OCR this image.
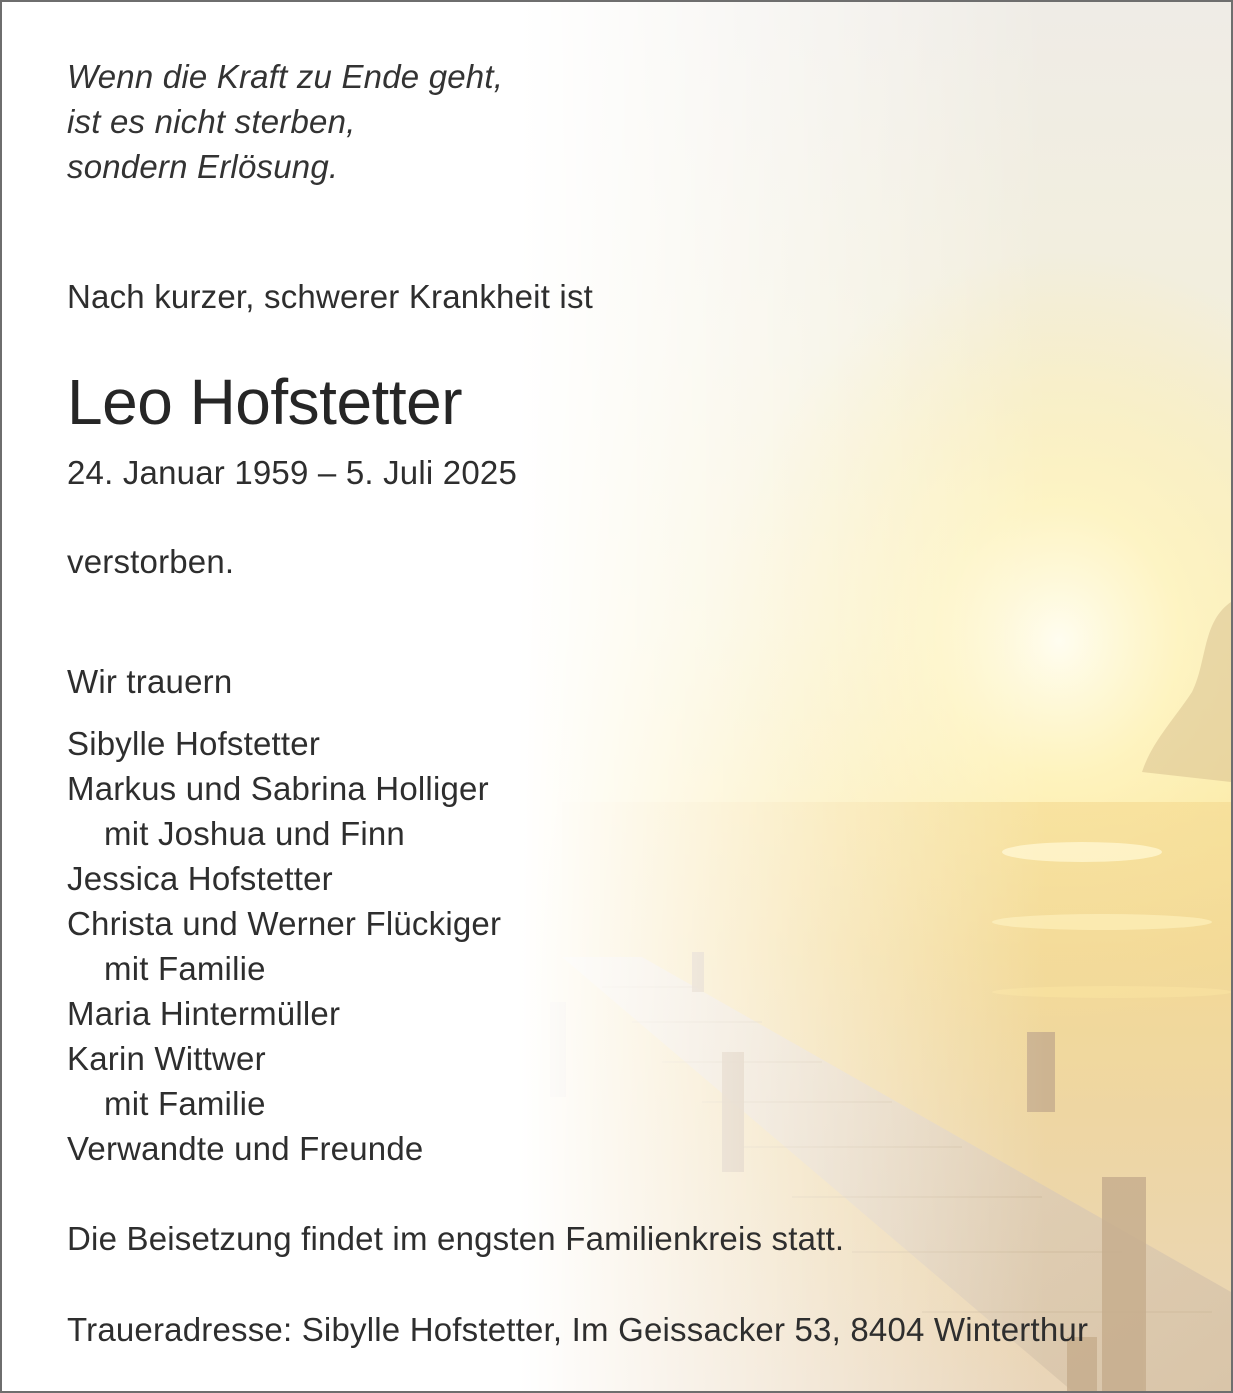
Wenn die Kraft zu Ende geht,
ist es nicht sterben,
sondern Erlösung.
Nach kurzer, schwerer Krankheit ist
Leo Hofstetter
24. Januar 1959 – 5. Juli 2025
verstorben.
Wir trauern
Sibylle Hofstetter
Markus und Sabrina Holliger
mit Joshua und Finn
Jessica Hofstetter
Christa und Werner Flückiger
mit Familie
Maria Hintermüller
Karin Wittwer
mit Familie
Verwandte und Freunde
Die Beisetzung findet im engsten Familienkreis statt.
Traueradresse: Sibylle Hofstetter, Im Geissacker 53, 8404 Winterthur
